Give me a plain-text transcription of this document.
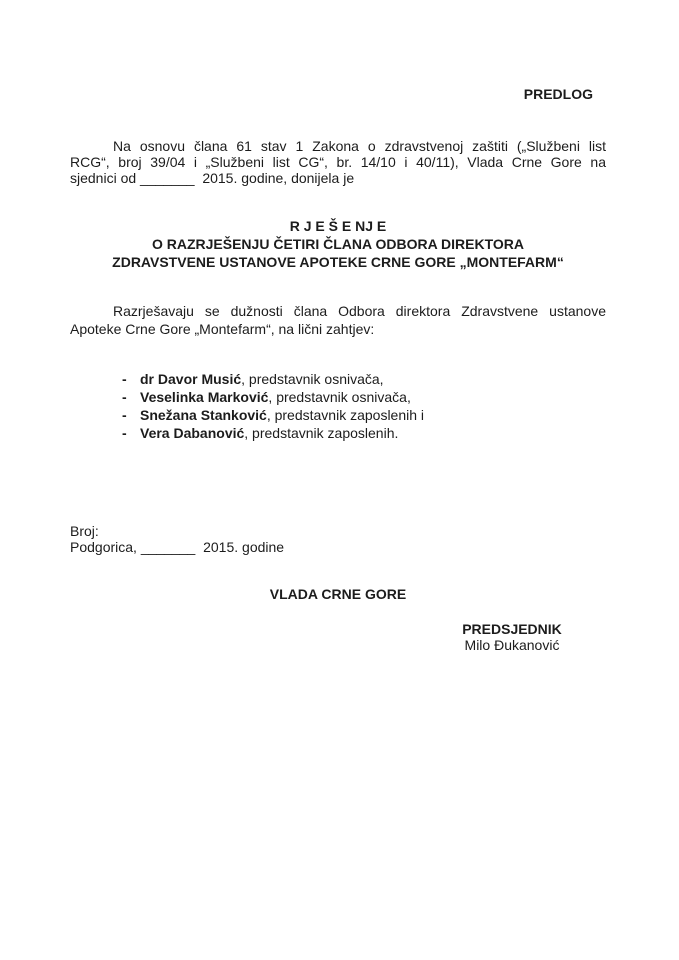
PREDLOG
Na osnovu člana 61 stav 1 Zakona o zdravstvenoj zaštiti („Službeni list
RCG“, broj 39/04 i „Službeni list CG“, br. 14/10 i 40/11), Vlada Crne Gore na
sjednici od _______  2015. godine, donijela je
R J E Š E NJ E
O RAZRJEŠENJU ČETIRI ČLANA ODBORA DIREKTORA
ZDRAVSTVENE USTANOVE APOTEKE CRNE GORE „MONTEFARM“
Razrješavaju se dužnosti člana Odbora direktora Zdravstvene ustanove
Apoteke Crne Gore „Montefarm“, na lični zahtjev:
- dr Davor Musić, predstavnik osnivača,
- Veselinka Marković, predstavnik osnivača,
- Snežana Stanković, predstavnik zaposlenih i
- Vera Dabanović, predstavnik zaposlenih.
Broj:
Podgorica, _______  2015. godine
VLADA CRNE GORE
PREDSJEDNIK
Milo Đukanović
